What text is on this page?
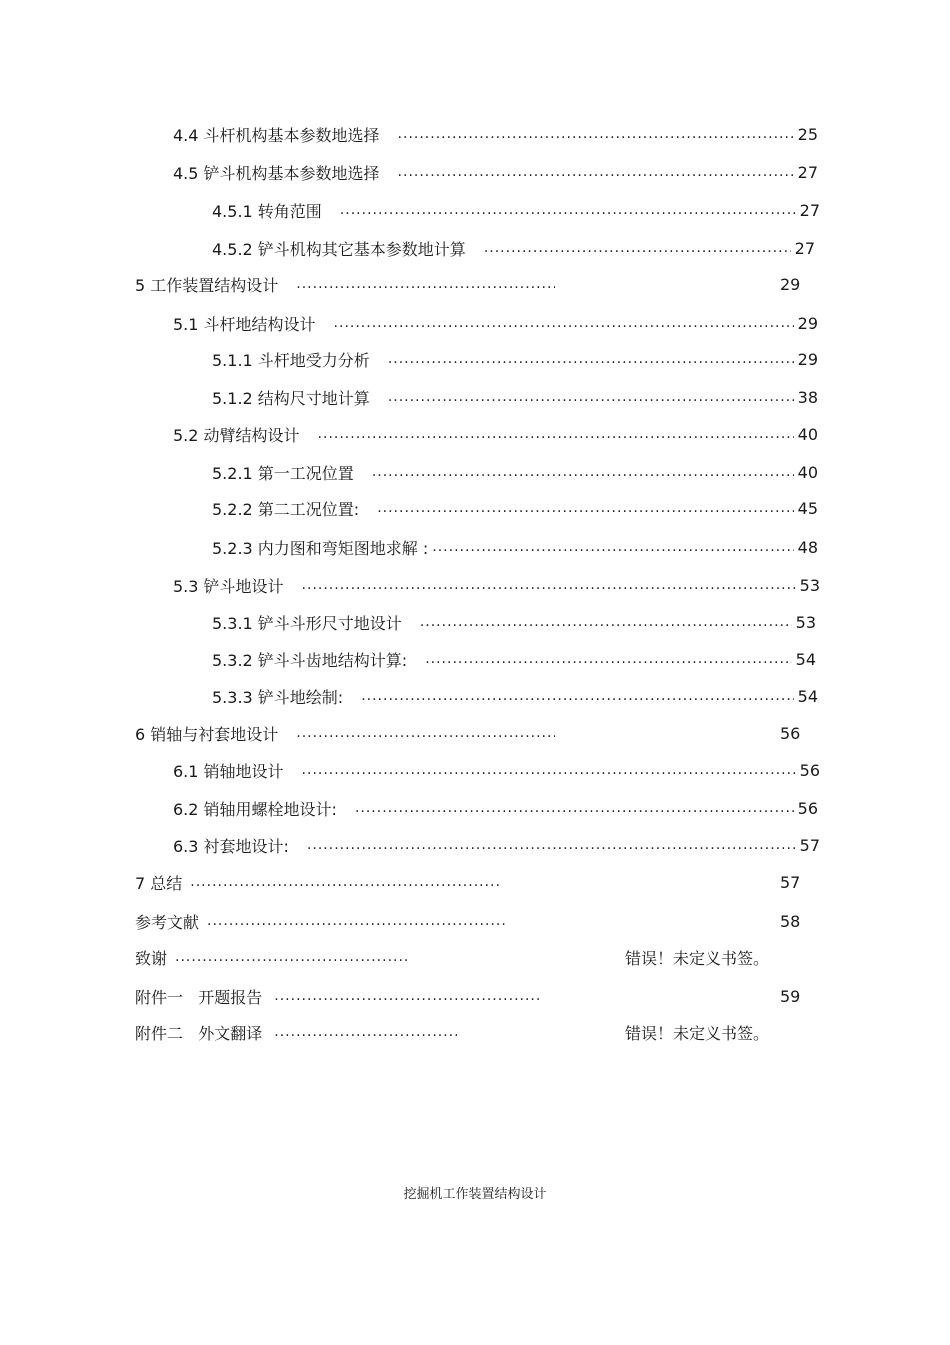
4.4 斗杆机构基本参数地选择 .....	25
4.5 铲斗机构基本参数地选择 .....	27
4.5.1 转角范围 .....	27
4.5.2 铲斗机构其它基本参数地计算 .....	27
5 工作装置结构设计 .....	29
5.1 斗杆地结构设计 .....	29
5.1.1 斗杆地受力分析 .....	29
5.1.2 结构尺寸地计算 .....	38
5.2 动臂结构设计 .....	40
5.2.1 第一工况位置 .....	40
5.2.2 第二工况位置: .....	45
5.2.3 内力图和弯矩图地求解 : .....	48
5.3 铲斗地设计 .....	53
5.3.1 铲斗斗形尺寸地设计 .....	53
5.3.2 铲斗斗齿地结构计算: .....	54
5.3.3 铲斗地绘制: .....	54
6 销轴与衬套地设计 .....	56
6.1 销轴地设计 .....	56
6.2 销轴用螺栓地设计: .....	56
6.3 衬套地设计: .....	57
7 总结 .....	57
参考文献 .....	58
致谢 .....	错误！未定义书签。
附件一   开题报告 .....	59
附件二   外文翻译 .....	错误！未定义书签。
挖掘机工作装置结构设计
